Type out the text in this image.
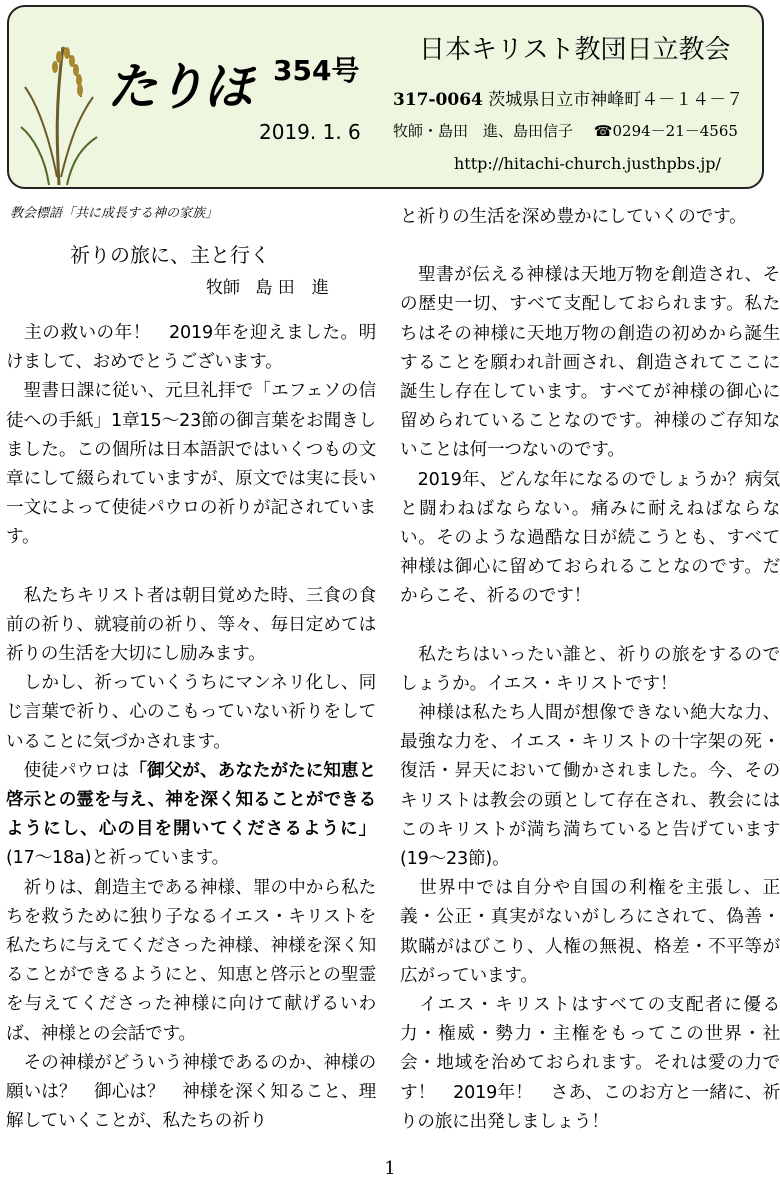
たりほ 354号
2019. 1. 6
日本キリスト教団日立教会
317-0064 茨城県日立市神峰町４－１４－７
牧師・島田　進、島田信子 ☎0294－21－4565
http://hitachi-church.justhpbs.jp/
教会標語「共に成長する神の家族」
祈りの旅に、主と行く
牧師 島 田　進

　主の救いの年！　2019年を迎えました。明けまして、おめでとうございます。

　聖書日課に従い、元旦礼拝で「エフェソの信徒への手紙」1章15～23節の御言葉をお聞きしました。この個所は日本語訳ではいくつもの文章にして綴られていますが、原文では実に長い一文によって使徒パウロの祈りが記されています。

　私たちキリスト者は朝目覚めた時、三食の食前の祈り、就寝前の祈り、等々、毎日定めては祈りの生活を大切にし励みます。

　しかし、祈っていくうちにマンネリ化し、同じ言葉で祈り、心のこもっていない祈りをしていることに気づかされます。

　使徒パウロは「御父が、あなたがたに知恵と啓示との霊を与え、神を深く知ることができるようにし、心の目を開いてくださるように」(17～18a)と祈っています。

　祈りは、創造主である神様、罪の中から私たちを救うために独り子なるイエス・キリストを私たちに与えてくださった神様、神様を深く知ることができるようにと、知恵と啓示との聖霊を与えてくださった神様に向けて献げるいわば、神様との会話です。

　その神様がどういう神様であるのか、神様の願いは？　御心は？　神様を深く知ること、理解していくことが、私たちの祈り

と祈りの生活を深め豊かにしていくのです。

　聖書が伝える神様は天地万物を創造され、その歴史一切、すべて支配しておられます。私たちはその神様に天地万物の創造の初めから誕生することを願われ計画され、創造されてここに誕生し存在しています。すべてが神様の御心に留められていることなのです。神様のご存知ないことは何一つないのです。

　2019年、どんな年になるのでしょうか？病気と闘わねばならない。痛みに耐えねばならない。そのような過酷な日が続こうとも、すべて神様は御心に留めておられることなのです。だからこそ、祈るのです！

　私たちはいったい誰と、祈りの旅をするのでしょうか。イエス・キリストです！

　神様は私たち人間が想像できない絶大な力、最強な力を、イエス・キリストの十字架の死・復活・昇天において働かされました。今、そのキリストは教会の頭として存在され、教会にはこのキリストが満ち満ちていると告げています(19～23節)。

　世界中では自分や自国の利権を主張し、正義・公正・真実がないがしろにされて、偽善・欺瞞がはびこり、人権の無視、格差・不平等が広がっています。

　イエス・キリストはすべての支配者に優る力・権威・勢力・主権をもってこの世界・社会・地域を治めておられます。それは愛の力です！　2019年！　さあ、このお方と一緒に、祈りの旅に出発しましょう！

1
